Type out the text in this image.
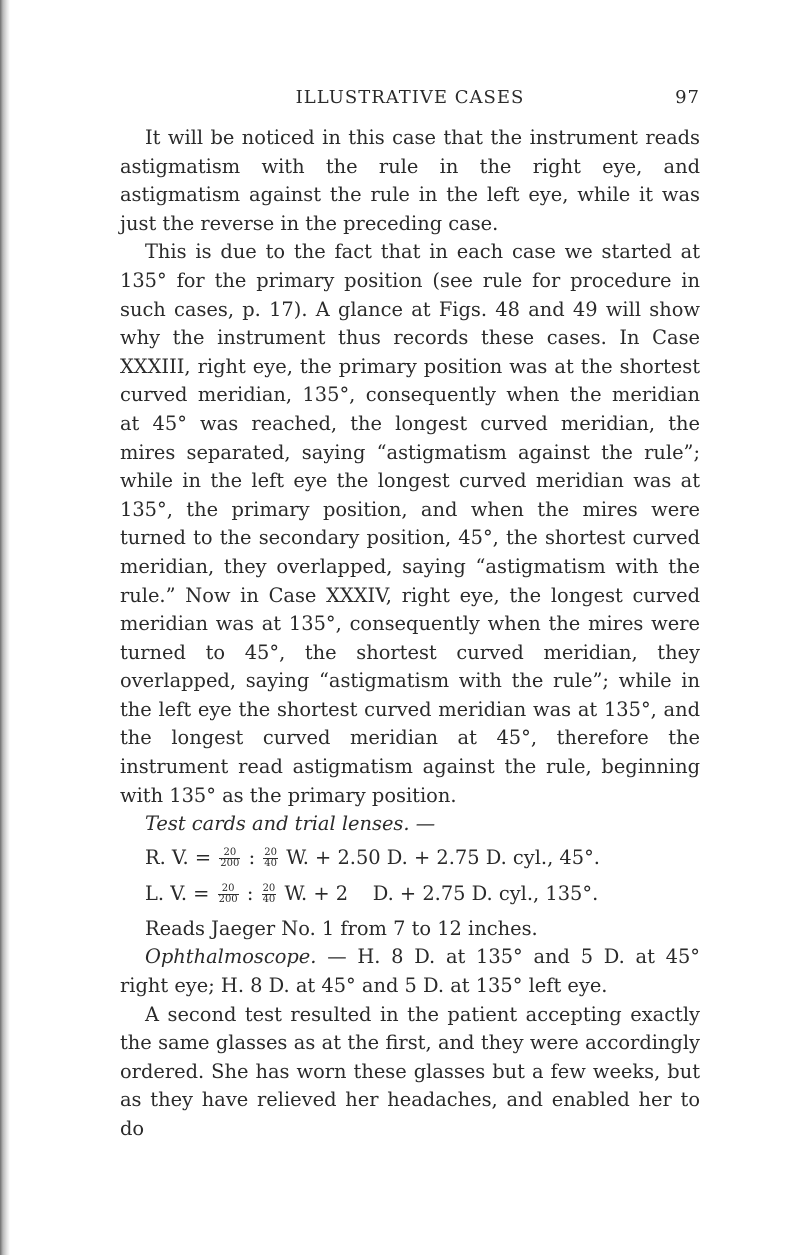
ILLUSTRATIVE CASES	97

It will be noticed in this case that the instrument reads astigmatism with the rule in the right eye, and astigmatism against the rule in the left eye, while it was just the reverse in the preceding case.

This is due to the fact that in each case we started at 135° for the primary position (see rule for procedure in such cases, p. 17). A glance at Figs. 48 and 49 will show why the instrument thus records these cases. In Case XXXIII, right eye, the primary position was at the shortest curved meridian, 135°, consequently when the meridian at 45° was reached, the longest curved meridian, the mires separated, saying “astigmatism against the rule”; while in the left eye the longest curved meridian was at 135°, the primary position, and when the mires were turned to the secondary position, 45°, the shortest curved meridian, they overlapped, saying “astigmatism with the rule.” Now in Case XXXIV, right eye, the longest curved meridian was at 135°, consequently when the mires were turned to 45°, the shortest curved meridian, they overlapped, saying “astigmatism with the rule”; while in the left eye the shortest curved meridian was at 135°, and the longest curved meridian at 45°, therefore the instrument read astigmatism against the rule, beginning with 135° as the primary position.

Test cards and trial lenses. —

R. V. = $\frac{20}{200}$ : $\frac{20}{40} W$. + 2.50 D. + 2.75 D. cyl., 45°.
L. V. = $\frac{20}{200}$ : $\frac{20}{40} W$. + 2    D. + 2.75 D. cyl., 135°.

Reads Jaeger No. 1 from 7 to 12 inches.

Ophthalmoscope. — H. 8 D. at 135° and 5 D. at 45° right eye; H. 8 D. at 45° and 5 D. at 135° left eye.

A second test resulted in the patient accepting exactly the same glasses as at the first, and they were accordingly ordered. She has worn these glasses but a few weeks, but as they have relieved her headaches, and enabled her to do
